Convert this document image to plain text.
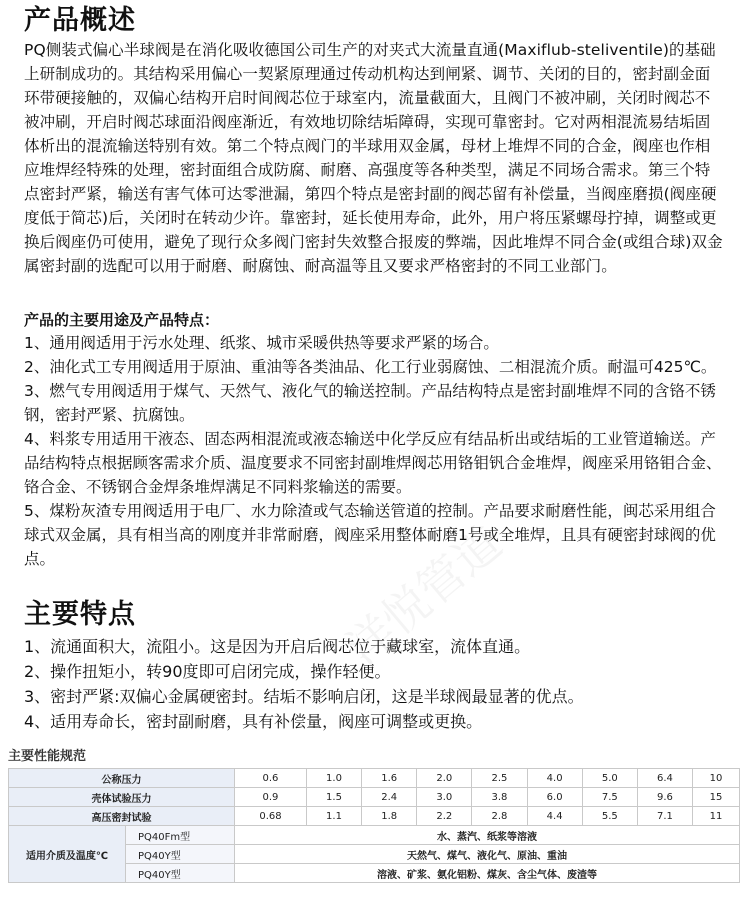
产品概述

PQ侧装式偏心半球阀是在消化吸收德国公司生产的对夹式大流量直通(Maxiflub-steliventile)的基础上研制成功的。其结构采用偏心一契紧原理通过传动机构达到闸紧、调节、关闭的目的，密封副金面环带硬接触的，双偏心结构开启时间阀芯位于球室内，流量截面大，且阀门不被冲刷，关闭时阀芯不被冲刷，开启时阀芯球面沿阀座渐近，有效地切除结垢障碍，实现可靠密封。它对两相混流易结垢固体析出的混流输送特别有效。第二个特点阀门的半球用双金属，母材上堆焊不同的合金，阀座也作相应堆焊经特殊的处理，密封面组合成防腐、耐磨、高强度等各种类型，满足不同场合需求。第三个特点密封严紧，输送有害气体可达零泄漏，第四个特点是密封副的阀芯留有补偿量，当阀座磨损(阀座硬度低于简芯)后，关闭时在转动少许。靠密封，延长使用寿命，此外，用户将压紧螺母拧掉，调整或更换后阀座仍可使用，避免了现行众多阀门密封失效整合报废的弊端，因此堆焊不同合金(或组合球)双金属密封副的选配可以用于耐磨、耐腐蚀、耐高温等且又要求严格密封的不同工业部门。

产品的主要用途及产品特点：
1、通用阀适用于污水处理、纸浆、城市采暖供热等要求严紧的场合。
2、油化式工专用阀适用于原油、重油等各类油品、化工行业弱腐蚀、二相混流介质。耐温可425℃。
3、燃气专用阀适用于煤气、天然气、液化气的输送控制。产品结构特点是密封副堆焊不同的含铬不锈钢，密封严紧、抗腐蚀。
4、料浆专用适用干液态、固态两相混流或液态输送中化学反应有结品析出或结垢的工业管道输送。产品结构特点根据顾客需求介质、温度要求不同密封副堆焊阀芯用铬钼钒合金堆焊，阀座采用铬钼合金、铬合金、不锈钢合金焊条堆焊满足不同料浆输送的需要。
5、煤粉灰渣专用阀适用于电厂、水力除渣或气态输送管道的控制。产品要求耐磨性能，闽芯采用组合球式双金属，具有相当高的刚度并非常耐磨，阀座采用整体耐磨1号或全堆焊，且具有硬密封球阀的优点。
主要特点
1、流通面积大，流阻小。这是因为开启后阀芯位于藏球室，流体直通。
2、操作扭矩小，转90度即可启闭完成，操作轻便。
3、密封严紧:双偏心金属硬密封。结垢不影响启闭，这是半球阀最显著的优点。
4、适用寿命长，密封副耐磨，具有补偿量，阀座可调整或更换。
主要性能规范
公称压力		0.6	1.0	1.6	2.0	2.5	4.0	5.0	6.4	10
壳体试验压力		0.9	1.5	2.4	3.0	3.8	6.0	7.5	9.6	15
高压密封试验		0.68	1.1	1.8	2.2	2.8	4.4	5.5	7.1	11
适用介质及温度℃	PQ40Fm型	水、蒸汽、纸浆等溶液								
	PQ40Y型	天然气、煤气、液化气、原油、重油								
	PQ40Y型	溶液、矿浆、氨化铝粉、煤灰、含尘气体、废渣等								
